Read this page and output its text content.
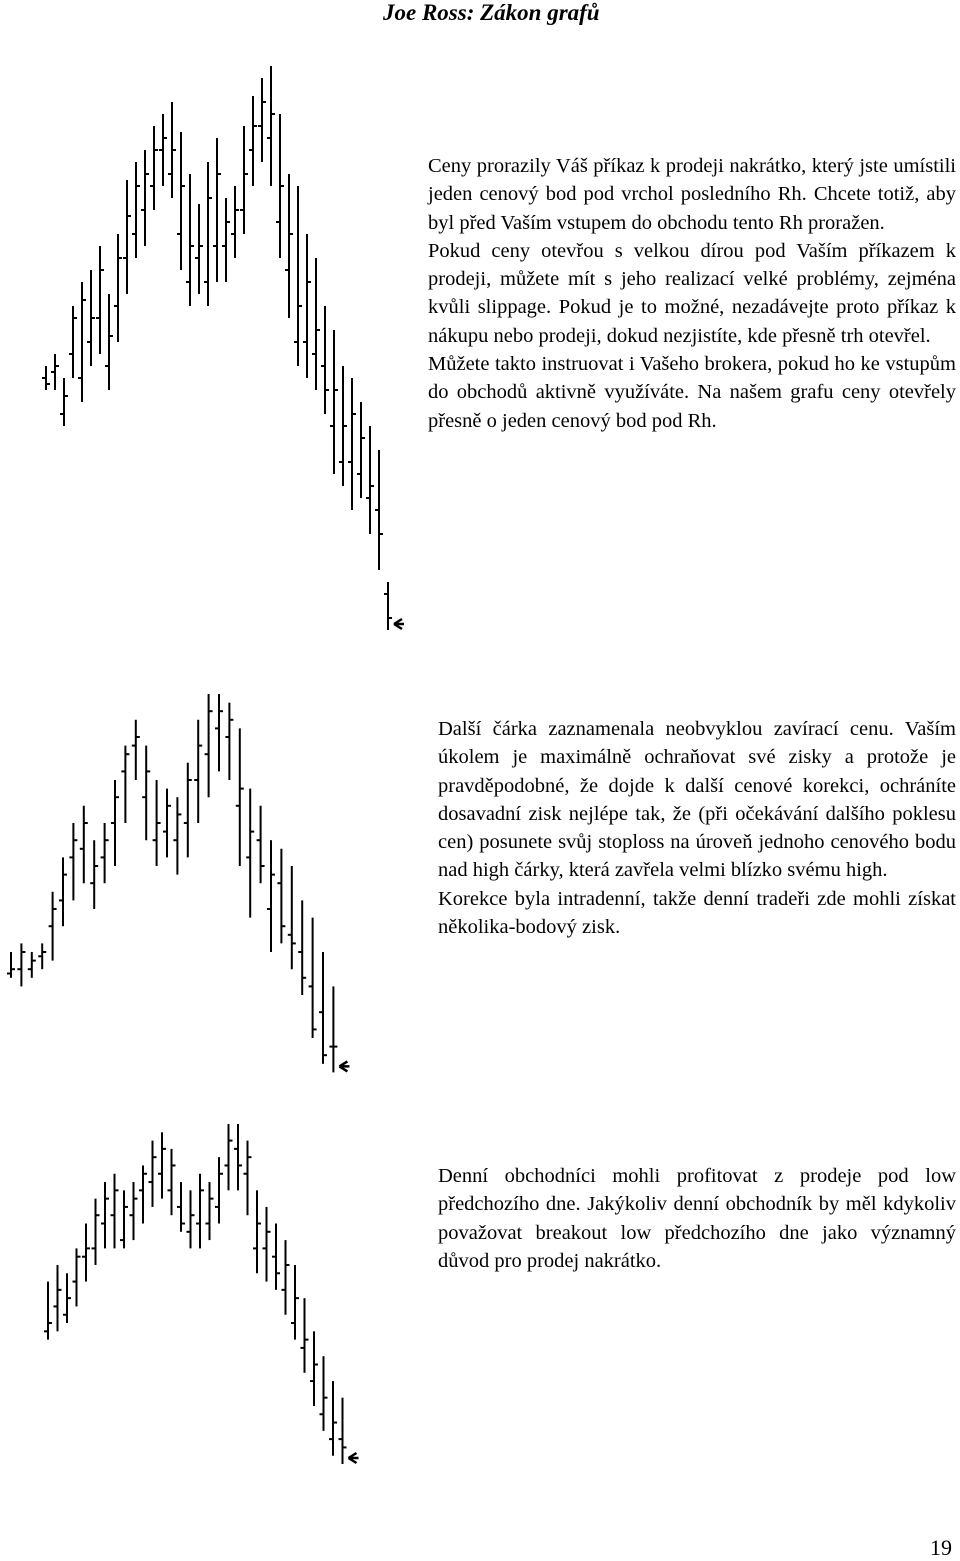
Joe Ross: Zákon grafů

Ceny prorazily Váš příkaz k prodeji nakrátko, který jste umístili jeden cenový bod pod vrchol posledního Rh. Chcete totiž, aby byl před Vaším vstupem do obchodu tento Rh proražen.

Pokud ceny otevřou s velkou dírou pod Vaším příkazem k prodeji, můžete mít s jeho realizací velké problémy, zejména kvůli slippage. Pokud je to možné, nezadávejte proto příkaz k nákupu nebo prodeji, dokud nezjistíte, kde přesně trh otevřel.

Můžete takto instruovat i Vašeho brokera, pokud ho ke vstupům do obchodů aktivně využíváte. Na našem grafu ceny otevřely přesně o jeden cenový bod pod Rh.

Další čárka zaznamenala neobvyklou zavírací cenu. Vaším úkolem je maximálně ochraňovat své zisky a protože je pravděpodobné, že dojde k další cenové korekci, ochráníte dosavadní zisk nejlépe tak, že (při očekávání dalšího poklesu cen) posunete svůj stoploss na úroveň jednoho cenového bodu nad high čárky, která zavřela velmi blízko svému high.

Korekce byla intradenní, takže denní tradeři zde mohli získat několika-bodový zisk.

Denní obchodníci mohli profitovat z prodeje pod low předchozího dne. Jakýkoliv denní obchodník by měl kdykoliv považovat breakout low předchozího dne jako významný důvod pro prodej nakrátko.

19
